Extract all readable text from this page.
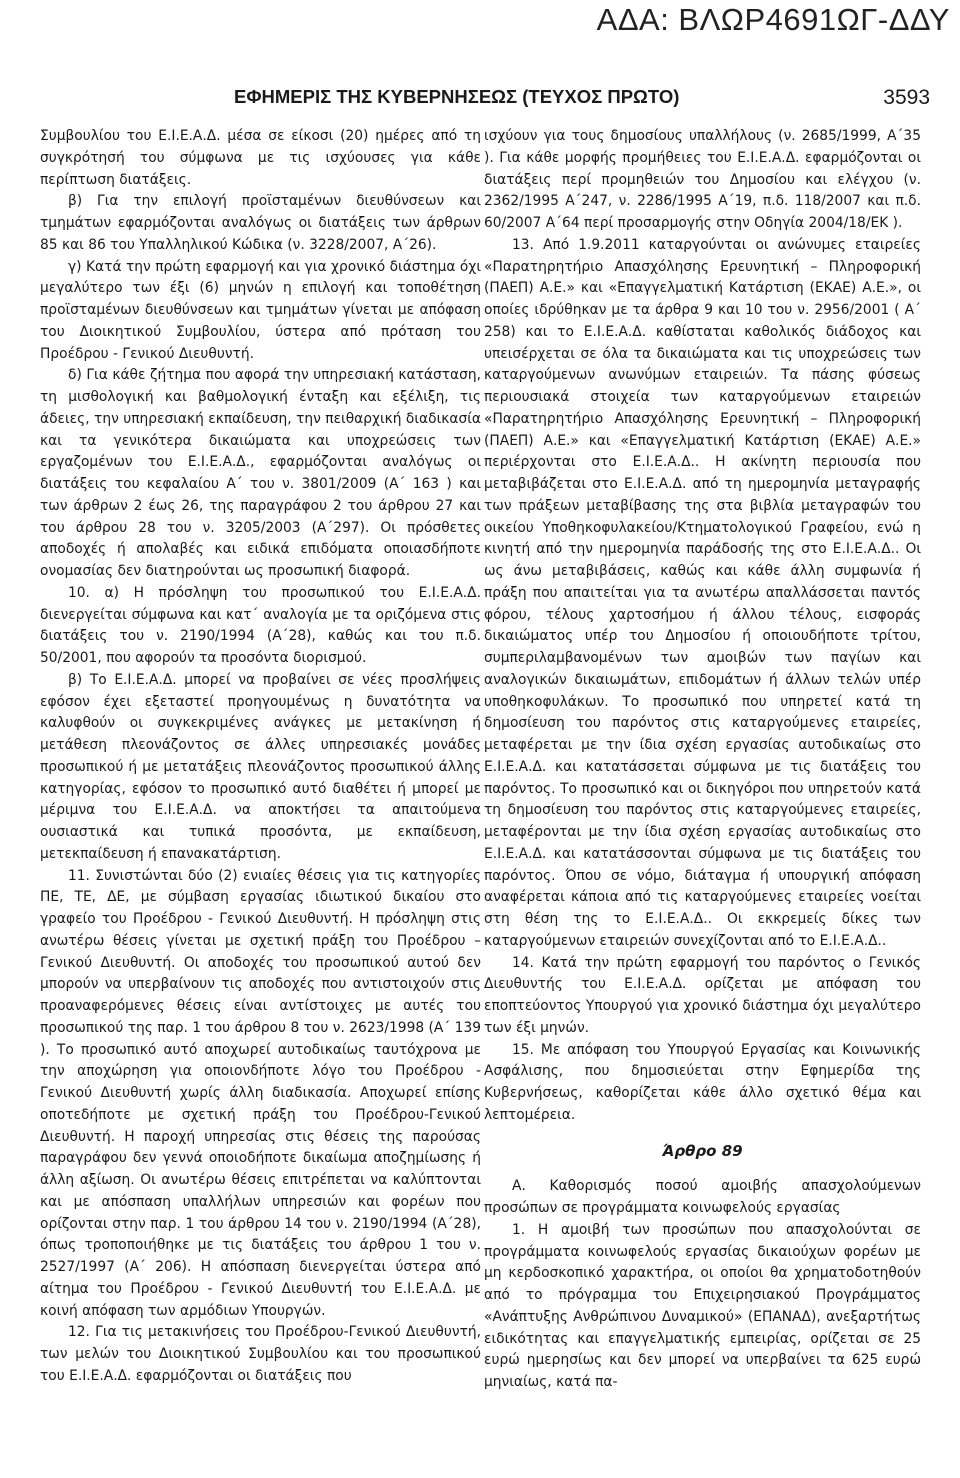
ΑΔΑ: ΒΛΩΡ4691ΩΓ-ΔΔΥ
ΕΦΗΜΕΡΙΣ ΤΗΣ ΚΥΒΕΡΝΗΣΕΩΣ (ΤΕΥΧΟΣ ΠΡΩΤΟ)	3593

Συμβουλίου του Ε.Ι.Ε.Α.Δ. μέσα σε είκοσι (20) ημέρες από τη συγκρότησή του σύμφωνα με τις ισχύουσες για κάθε περίπτωση διατάξεις.

β) Για την επιλογή προϊσταμένων διευθύνσεων και τμημάτων εφαρμόζονται αναλόγως οι διατάξεις των άρθρων 85 και 86 του Υπαλληλικού Κώδικα (ν. 3228/2007, Α΄26).

γ) Κατά την πρώτη εφαρμογή και για χρονικό διάστημα όχι μεγαλύτερο των έξι (6) μηνών η επιλογή και τοποθέτηση προϊσταμένων διευθύνσεων και τμημάτων γίνεται με απόφαση του Διοικητικού Συμβουλίου, ύστερα από πρόταση του Προέδρου - Γενικού Διευθυντή.

δ) Για κάθε ζήτημα που αφορά την υπηρεσιακή κατάσταση, τη μισθολογική και βαθμολογική ένταξη και εξέλιξη, τις άδειες, την υπηρεσιακή εκπαίδευση, την πειθαρχική διαδικασία και τα γενικότερα δικαιώματα και υποχρεώσεις των εργαζομένων του Ε.Ι.Ε.Α.Δ., εφαρμόζονται αναλόγως οι διατάξεις του κεφαλαίου Α΄ του ν. 3801/2009 (Α΄ 163 ) και των άρθρων 2 έως 26, της παραγράφου 2 του άρθρου 27 και του άρθρου 28 του ν. 3205/2003 (Α΄297). Οι πρόσθετες αποδοχές ή απολαβές και ειδικά επιδόματα οποιασδήποτε ονομασίας δεν διατηρούνται ως προσωπική διαφορά.

10. α) Η πρόσληψη του προσωπικού του Ε.Ι.Ε.Α.Δ. διενεργείται σύμφωνα και κατ΄ αναλογία με τα οριζόμενα στις διατάξεις του ν. 2190/1994 (Α΄28), καθώς και του π.δ. 50/2001, που αφορούν τα προσόντα διορισμού.

β) Το Ε.Ι.Ε.Α.Δ. μπορεί να προβαίνει σε νέες προσλήψεις εφόσον έχει εξεταστεί προηγουμένως η δυνατότητα να καλυφθούν οι συγκεκριμένες ανάγκες με μετακίνηση ή μετάθεση πλεονάζοντος σε άλλες υπηρεσιακές μονάδες προσωπικού ή με μετατάξεις πλεονάζοντος προσωπικού άλλης κατηγορίας, εφόσον το προσωπικό αυτό διαθέτει ή μπορεί με μέριμνα του Ε.Ι.Ε.Α.Δ. να αποκτήσει τα απαιτούμενα ουσιαστικά και τυπικά προσόντα, με εκπαίδευση, μετεκπαίδευση ή επανακατάρτιση.

11. Συνιστώνται δύο (2) ενιαίες θέσεις για τις κατηγορίες ΠΕ, ΤΕ, ΔΕ, με σύμβαση εργασίας ιδιωτικού δικαίου στο γραφείο του Προέδρου - Γενικού Διευθυντή. Η πρόσληψη στις ανωτέρω θέσεις γίνεται με σχετική πράξη του Προέδρου – Γενικού Διευθυντή. Οι αποδοχές του προσωπικού αυτού δεν μπορούν να υπερβαίνουν τις αποδοχές που αντιστοιχούν στις προαναφερόμενες θέσεις είναι αντίστοιχες με αυτές του προσωπικού της παρ. 1 του άρθρου 8 του ν. 2623/1998 (Α΄ 139 ). Το προσωπικό αυτό αποχωρεί αυτοδικαίως ταυτόχρονα με την αποχώρηση για οποιονδήποτε λόγο του Προέδρου - Γενικού Διευθυντή χωρίς άλλη διαδικασία. Αποχωρεί επίσης οποτεδήποτε με σχετική πράξη του Προέδρου-Γενικού Διευθυντή. Η παροχή υπηρεσίας στις θέσεις της παρούσας παραγράφου δεν γεννά οποιοδήποτε δικαίωμα αποζημίωσης ή άλλη αξίωση. Οι ανωτέρω θέσεις επιτρέπεται να καλύπτονται και με απόσπαση υπαλλήλων υπηρεσιών και φορέων που ορίζονται στην παρ. 1 του άρθρου 14 του ν. 2190/1994 (Α΄28), όπως τροποποιήθηκε με τις διατάξεις του άρθρου 1 του ν. 2527/1997 (Α΄ 206). Η απόσπαση διενεργείται ύστερα από αίτημα του Προέδρου - Γενικού Διευθυντή του Ε.Ι.Ε.Α.Δ. με κοινή απόφαση των αρμόδιων Υπουργών.

12. Για τις μετακινήσεις του Προέδρου-Γενικού Διευθυντή, των μελών του Διοικητικού Συμβουλίου και του προσωπικού του Ε.Ι.Ε.Α.Δ. εφαρμόζονται οι διατάξεις που

ισχύουν για τους δημοσίους υπαλλήλους (ν. 2685/1999, Α΄35 ). Για κάθε μορφής προμήθειες του Ε.Ι.Ε.Α.Δ. εφαρμόζονται οι διατάξεις περί προμηθειών του Δημοσίου και ελέγχου (ν. 2362/1995 Α΄247, ν. 2286/1995 Α΄19, π.δ. 118/2007 και π.δ. 60/2007 Α΄64 περί προσαρμογής στην Οδηγία 2004/18/ΕΚ ).

13. Από 1.9.2011 καταργούνται οι ανώνυμες εταιρείες «Παρατηρητήριο Απασχόλησης Ερευνητική – Πληροφορική (ΠΑΕΠ) Α.Ε.» και «Επαγγελματική Κατάρτιση (ΕΚΑΕ) Α.Ε.», οι οποίες ιδρύθηκαν με τα άρθρα 9 και 10 του ν. 2956/2001 ( Α΄ 258) και το Ε.Ι.Ε.Α.Δ. καθίσταται καθολικός διάδοχος και υπεισέρχεται σε όλα τα δικαιώματα και τις υποχρεώσεις των καταργούμενων ανωνύμων εταιρειών. Τα πάσης φύσεως περιουσιακά στοιχεία των καταργούμενων εταιρειών «Παρατηρητήριο Απασχόλησης Ερευνητική – Πληροφορική (ΠΑΕΠ) Α.Ε.» και «Επαγγελματική Κατάρτιση (ΕΚΑΕ) Α.Ε.» περιέρχονται στο Ε.Ι.Ε.Α.Δ.. Η ακίνητη περιουσία που μεταβιβάζεται στο Ε.Ι.Ε.Α.Δ. από τη ημερομηνία μεταγραφής των πράξεων μεταβίβασης της στα βιβλία μεταγραφών του οικείου Υποθηκοφυλακείου/Κτηματολογικού Γραφείου, ενώ η κινητή από την ημερομηνία παράδοσής της στο Ε.Ι.Ε.Α.Δ.. Οι ως άνω μεταβιβάσεις, καθώς και κάθε άλλη συμφωνία ή πράξη που απαιτείται για τα ανωτέρω απαλλάσσεται παντός φόρου, τέλους χαρτοσήμου ή άλλου τέλους, εισφοράς δικαιώματος υπέρ του Δημοσίου ή οποιουδήποτε τρίτου, συμπεριλαμβανομένων των αμοιβών των παγίων και αναλογικών δικαιωμάτων, επιδομάτων ή άλλων τελών υπέρ υποθηκοφυλάκων. Το προσωπικό που υπηρετεί κατά τη δημοσίευση του παρόντος στις καταργούμενες εταιρείες, μεταφέρεται με την ίδια σχέση εργασίας αυτοδικαίως στο Ε.Ι.Ε.Α.Δ. και κατατάσσεται σύμφωνα με τις διατάξεις του παρόντος. Το προσωπικό και οι δικηγόροι που υπηρετούν κατά τη δημοσίευση του παρόντος στις καταργούμενες εταιρείες, μεταφέρονται με την ίδια σχέση εργασίας αυτοδικαίως στο Ε.Ι.Ε.Α.Δ. και κατατάσσονται σύμφωνα με τις διατάξεις του παρόντος. Όπου σε νόμο, διάταγμα ή υπουργική απόφαση αναφέρεται κάποια από τις καταργούμενες εταιρείες νοείται στη θέση της το Ε.Ι.Ε.Α.Δ.. Οι εκκρεμείς δίκες των καταργούμενων εταιρειών συνεχίζονται από το Ε.Ι.Ε.Α.Δ..

14. Κατά την πρώτη εφαρμογή του παρόντος ο Γενικός Διευθυντής του Ε.Ι.Ε.Α.Δ. ορίζεται με απόφαση του εποπτεύοντος Υπουργού για χρονικό διάστημα όχι μεγαλύτερο των έξι μηνών.

15. Με απόφαση του Υπουργού Εργασίας και Κοινωνικής Ασφάλισης, που δημοσιεύεται στην Εφημερίδα της Κυβερνήσεως, καθορίζεται κάθε άλλο σχετικό θέμα και λεπτομέρεια.

Άρθρο 89

Α. Καθορισμός ποσού αμοιβής απασχολούμενων προσώπων σε προγράμματα κοινωφελούς εργασίας

1. Η αμοιβή των προσώπων που απασχολούνται σε προγράμματα κοινωφελούς εργασίας δικαιούχων φορέων με μη κερδοσκοπικό χαρακτήρα, οι οποίοι θα χρηματοδοτηθούν από το πρόγραμμα του Επιχειρησιακού Προγράμματος «Ανάπτυξης Ανθρώπινου Δυναμικού» (ΕΠΑΝΑΔ), ανεξαρτήτως ειδικότητας και επαγγελματικής εμπειρίας, ορίζεται σε 25 ευρώ ημερησίως και δεν μπορεί να υπερβαίνει τα 625 ευρώ μηνιαίως, κατά πα-
